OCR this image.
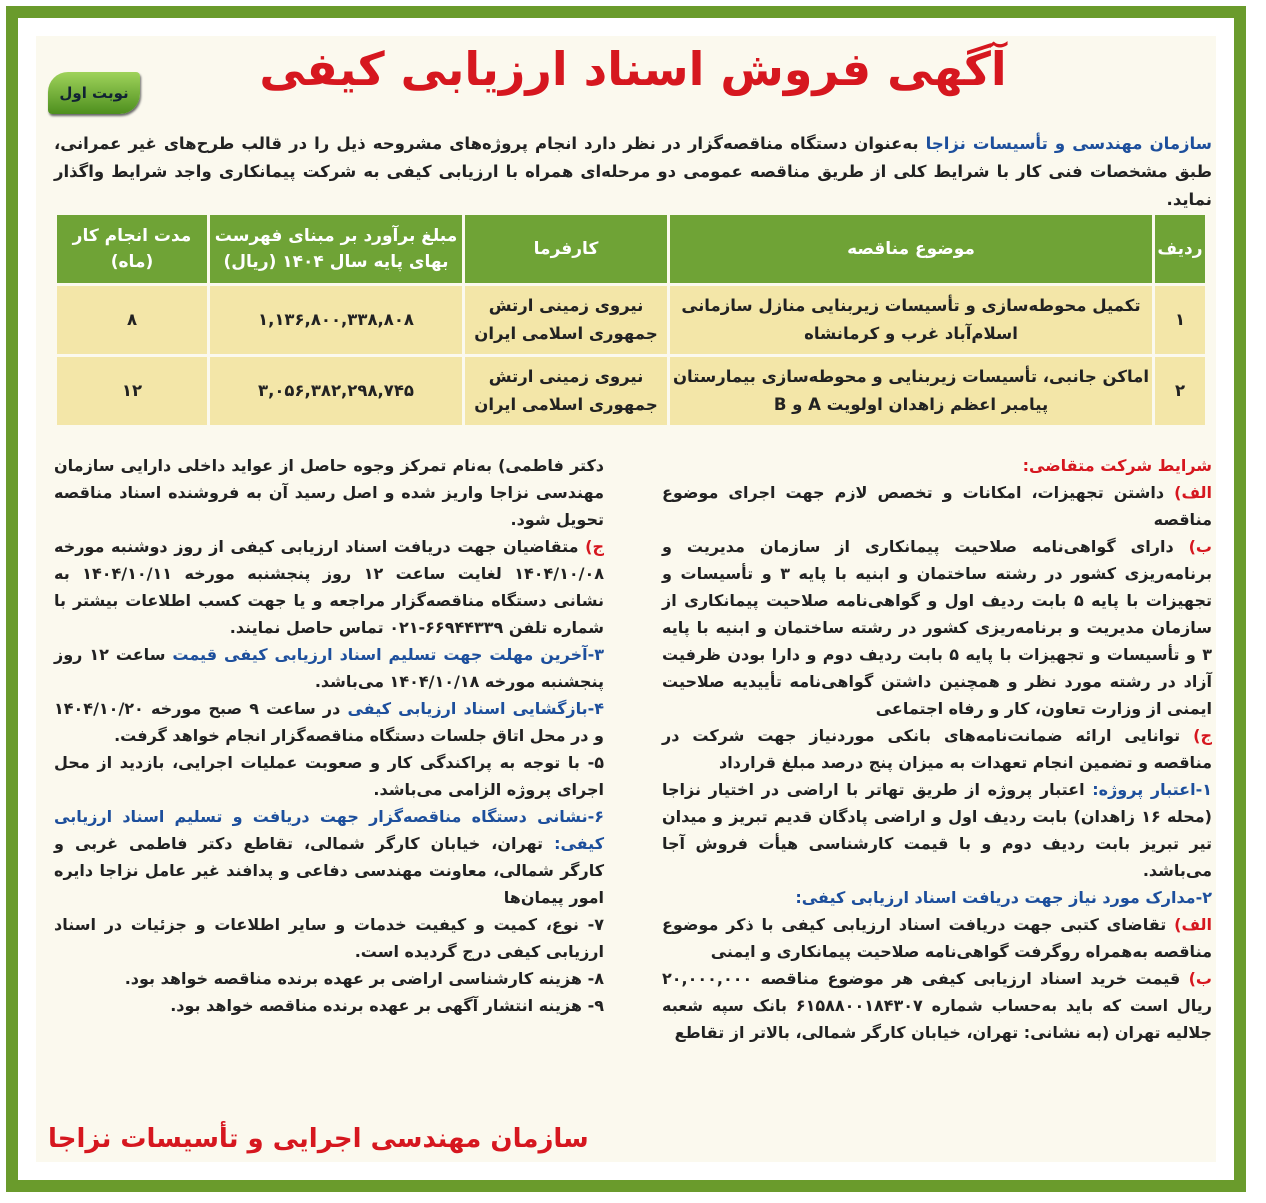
نوبت اول	آگهی فروش اسناد ارزیابی کیفی
سازمان مهندسی و تأسیسات نزاجا به‌عنوان دستگاه مناقصه‌گزار در نظر دارد انجام پروژه‌های مشروحه ذیل را در قالب طرح‌های غیر عمرانی، طبق مشخصات فنی کار با شرایط کلی از طریق مناقصه عمومی دو مرحله‌ای همراه با ارزیابی کیفی به شرکت پیمانکاری واجد شرایط واگذار نماید.
ردیف	موضوع مناقصه	کارفرما	مبلغ برآورد بر مبنای فهرست بهای پایه سال ۱۴۰۴ (ریال)	مدت انجام کار (ماه)
۱	تکمیل محوطه‌سازی و تأسیسات زیربنایی منازل سازمانی اسلام‌آباد غرب و کرمانشاه	نیروی زمینی ارتش جمهوری اسلامی ایران	۱,۱۳۶,۸۰۰,۳۳۸,۸۰۸	۸
۲	اماکن جانبی، تأسیسات زیربنایی و محوطه‌سازی بیمارستان پیامبر اعظم زاهدان اولویت A و B	نیروی زمینی ارتش جمهوری اسلامی ایران	۳,۰۵۶,۳۸۲,۲۹۸,۷۴۵	۱۲

شرایط شرکت متقاضی:

الف) داشتن تجهیزات، امکانات و تخصص لازم جهت اجرای موضوع مناقصه

ب) دارای گواهی‌نامه صلاحیت پیمانکاری از سازمان مدیریت و برنامه‌ریزی کشور در رشته ساختمان و ابنیه با پایه ۳ و تأسیسات و تجهیزات با پایه ۵ بابت ردیف اول و گواهی‌نامه صلاحیت پیمانکاری از سازمان مدیریت و برنامه‌ریزی کشور در رشته ساختمان و ابنیه با پایه ۳ و تأسیسات و تجهیزات با پایه ۵ بابت ردیف دوم و دارا بودن ظرفیت آزاد در رشته مورد نظر و همچنین داشتن گواهی‌نامه تأییدیه صلاحیت ایمنی از وزارت تعاون، کار و رفاه اجتماعی

ج) توانایی ارائه ضمانت‌نامه‌های بانکی موردنیاز جهت شرکت در مناقصه و تضمین انجام تعهدات به میزان پنج درصد مبلغ قرارداد

۱-اعتبار پروژه: اعتبار پروژه از طریق تهاتر با اراضی در اختیار نزاجا (محله ۱۶ زاهدان) بابت ردیف اول و اراضی پادگان قدیم تبریز و میدان تیر تبریز بابت ردیف دوم و با قیمت کارشناسی هیأت فروش آجا می‌باشد.

۲-مدارک مورد نیاز جهت دریافت اسناد ارزیابی کیفی:

الف) تقاضای کتبی جهت دریافت اسناد ارزیابی کیفی با ذکر موضوع مناقصه به‌همراه روگرفت گواهی‌نامه صلاحیت پیمانکاری و ایمنی

ب) قیمت خرید اسناد ارزیابی کیفی هر موضوع مناقصه ۲۰,۰۰۰,۰۰۰ ریال است که باید به‌حساب شماره ۶۱۵۸۸۰۰۱۸۴۳۰۷ بانک سپه شعبه جلالیه تهران (به نشانی: تهران، خیابان کارگر شمالی، بالاتر از تقاطع

دکتر فاطمی) به‌نام تمرکز وجوه حاصل از عواید داخلی دارایی سازمان مهندسی نزاجا واریز شده و اصل رسید آن به فروشنده اسناد مناقصه تحویل شود.

ج) متقاضیان جهت دریافت اسناد ارزیابی کیفی از روز دوشنبه مورخه ۱۴۰۴/۱۰/۰۸ لغایت ساعت ۱۲ روز پنجشنبه مورخه ۱۴۰۴/۱۰/۱۱ به نشانی دستگاه مناقصه‌گزار مراجعه و یا جهت کسب اطلاعات بیشتر با شماره تلفن ۶۶۹۴۴۳۳۹-۰۲۱ تماس حاصل نمایند.

۳-آخرین مهلت جهت تسلیم اسناد ارزیابی کیفی قیمت ساعت ۱۲ روز پنجشنبه مورخه ۱۴۰۴/۱۰/۱۸ می‌باشد.

۴-بازگشایی اسناد ارزیابی کیفی در ساعت ۹ صبح مورخه ۱۴۰۴/۱۰/۲۰ و در محل اتاق جلسات دستگاه مناقصه‌گزار انجام خواهد گرفت.

۵- با توجه به پراکندگی کار و صعوبت عملیات اجرایی، بازدید از محل اجرای پروژه الزامی می‌باشد.

۶-نشانی دستگاه مناقصه‌گزار جهت دریافت و تسلیم اسناد ارزیابی کیفی: تهران، خیابان کارگر شمالی، تقاطع دکتر فاطمی غربی و کارگر شمالی، معاونت مهندسی دفاعی و پدافند غیر عامل نزاجا دایره امور پیمان‌ها

۷- نوع، کمیت و کیفیت خدمات و سایر اطلاعات و جزئیات در اسناد ارزیابی کیفی درج گردیده است.

۸- هزینه کارشناسی اراضی بر عهده برنده مناقصه خواهد بود.

۹- هزینه انتشار آگهی بر عهده برنده مناقصه خواهد بود.

سازمان مهندسی اجرایی و تأسیسات نزاجا
